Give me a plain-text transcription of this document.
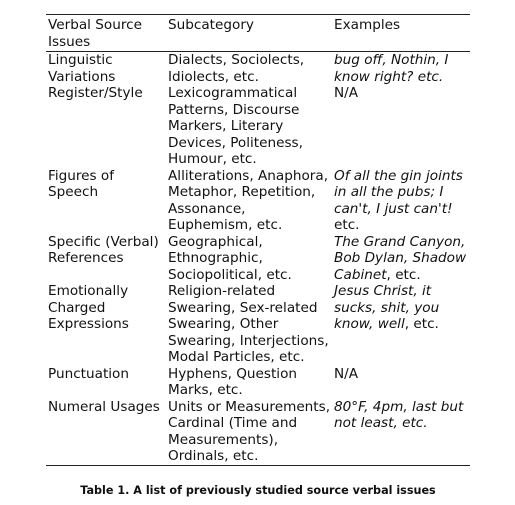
Verbal Source Issues	Subcategory	Examples
Linguistic Variations	Dialects, Sociolects, Idiolects, etc.	bug off, Nothin, I know right? etc.
Register/Style	Lexicogrammatical Patterns, Discourse Markers, Literary Devices, Politeness, Humour, etc.	N/A
Figures of Speech	Alliterations, Anaphora, Metaphor, Repetition, Assonance, Euphemism, etc.	Of all the gin joints in all the pubs; I can't, I just can't! etc.
Specific (Verbal) References	Geographical, Ethnographic, Sociopolitical, etc.	The Grand Canyon, Bob Dylan, Shadow Cabinet, etc.
Emotionally Charged Expressions	Religion-related Swearing, Sex-related Swearing, Other Swearing, Interjections, Modal Particles, etc.	Jesus Christ, it sucks, shit, you know, well, etc.
Punctuation	Hyphens, Question Marks, etc.	N/A
Numeral Usages	Units or Measurements, Cardinal (Time and Measurements), Ordinals, etc.	80°F, 4pm, last but not least, etc.
Table 1. A list of previously studied source verbal issues
